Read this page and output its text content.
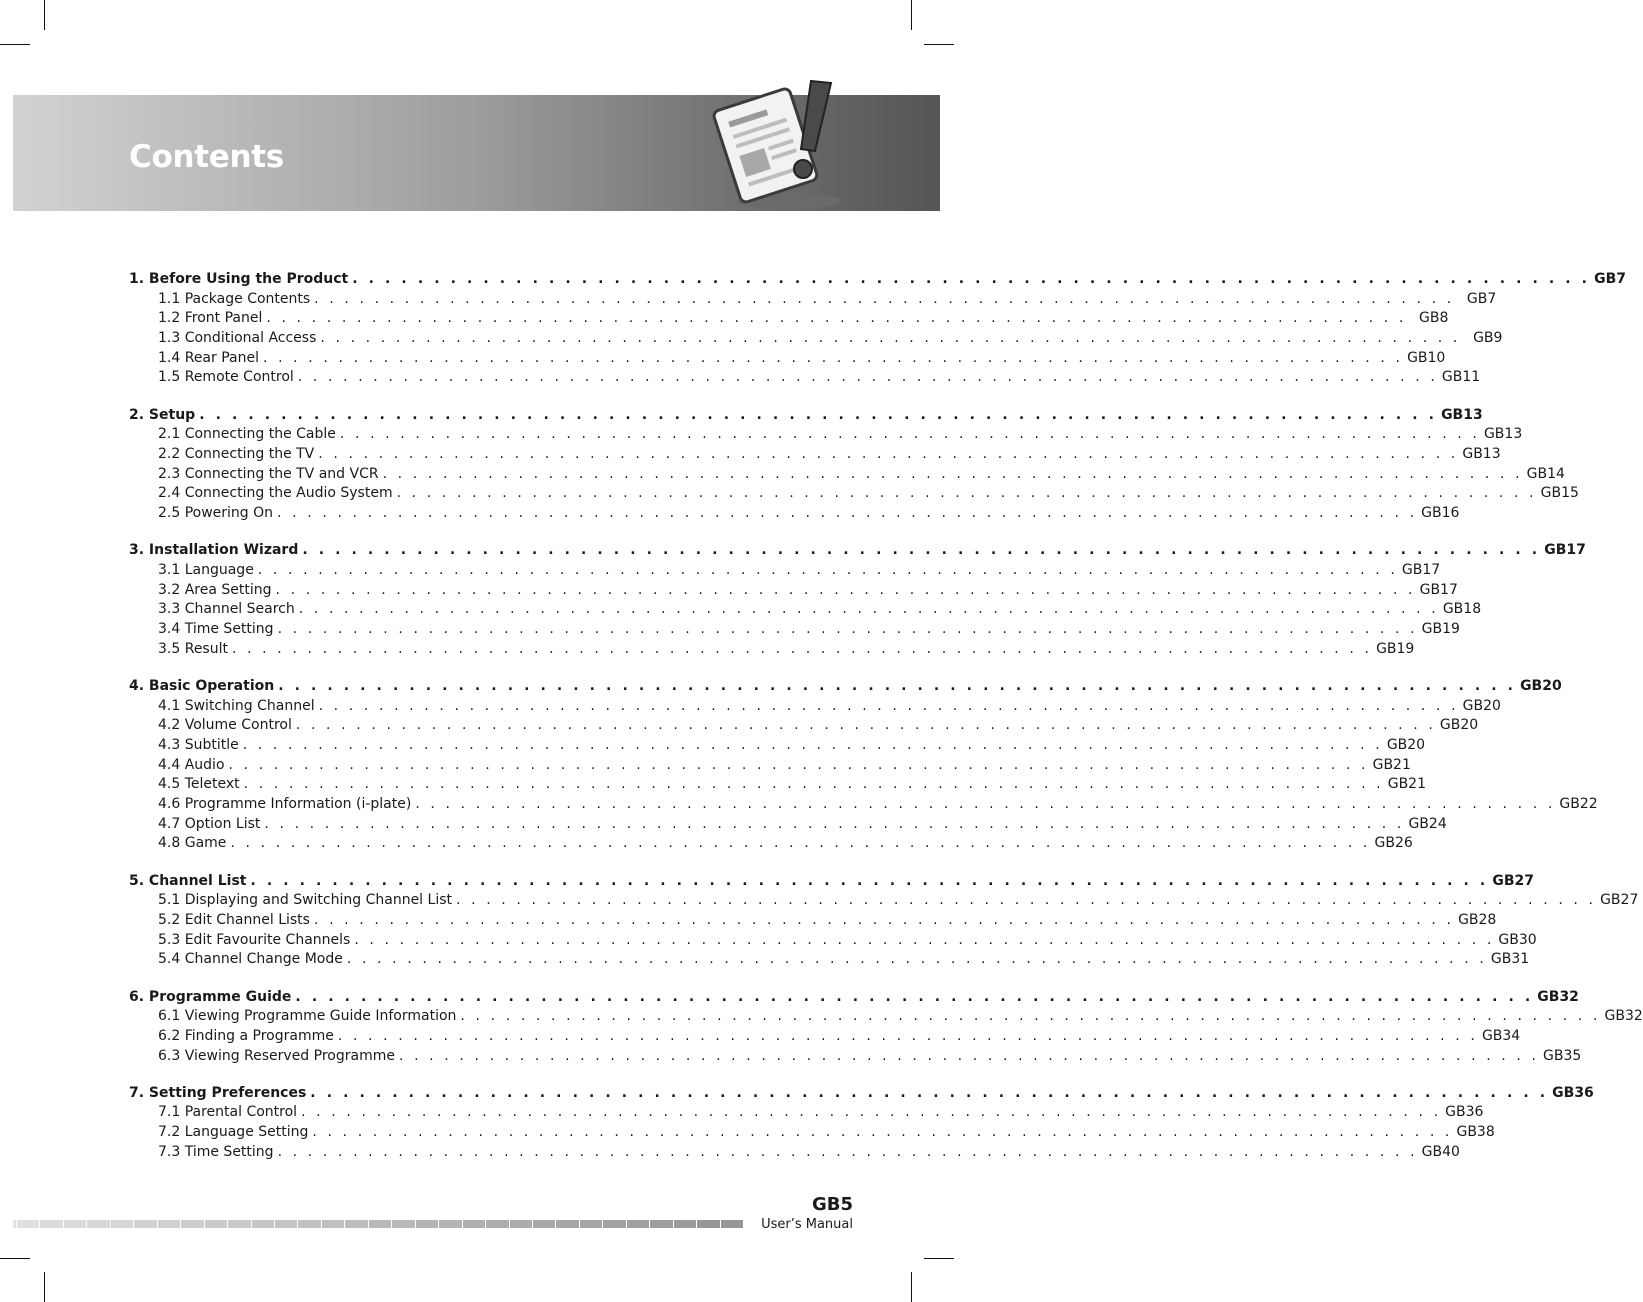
Contents
1. Before Using the Product . . . . . . . . . . . . . . . . . . . . . . . . . . . . . . . . . . . . . . . . . . . . . . . . . . . . . . . . . . . . . . . . . . . . . . . . . . . . GB7
1.1 Package Contents . . . . . . . . . . . . . . . . . . . . . . . . . . . . . . . . . . . . . . . . . . . . . . . . . . . . . . . . . . . . . . . . . . . . . . . . . . . . GB7
1.2 Front Panel . . . . . . . . . . . . . . . . . . . . . . . . . . . . . . . . . . . . . . . . . . . . . . . . . . . . . . . . . . . . . . . . . . . . . . . . . . . . GB8
1.3 Conditional Access . . . . . . . . . . . . . . . . . . . . . . . . . . . . . . . . . . . . . . . . . . . . . . . . . . . . . . . . . . . . . . . . . . . . . . . . . . . . GB9
1.4 Rear Panel . . . . . . . . . . . . . . . . . . . . . . . . . . . . . . . . . . . . . . . . . . . . . . . . . . . . . . . . . . . . . . . . . . . . . . . . . . . . GB10
1.5 Remote Control . . . . . . . . . . . . . . . . . . . . . . . . . . . . . . . . . . . . . . . . . . . . . . . . . . . . . . . . . . . . . . . . . . . . . . . . . . . . GB11
2. Setup . . . . . . . . . . . . . . . . . . . . . . . . . . . . . . . . . . . . . . . . . . . . . . . . . . . . . . . . . . . . . . . . . . . . . . . . . . . . GB13
2.1 Connecting the Cable . . . . . . . . . . . . . . . . . . . . . . . . . . . . . . . . . . . . . . . . . . . . . . . . . . . . . . . . . . . . . . . . . . . . . . . . . . . . GB13
2.2 Connecting the TV . . . . . . . . . . . . . . . . . . . . . . . . . . . . . . . . . . . . . . . . . . . . . . . . . . . . . . . . . . . . . . . . . . . . . . . . . . . . GB13
2.3 Connecting the TV and VCR . . . . . . . . . . . . . . . . . . . . . . . . . . . . . . . . . . . . . . . . . . . . . . . . . . . . . . . . . . . . . . . . . . . . . . . . . . . . GB14
2.4 Connecting the Audio System . . . . . . . . . . . . . . . . . . . . . . . . . . . . . . . . . . . . . . . . . . . . . . . . . . . . . . . . . . . . . . . . . . . . . . . . . . . . GB15
2.5 Powering On . . . . . . . . . . . . . . . . . . . . . . . . . . . . . . . . . . . . . . . . . . . . . . . . . . . . . . . . . . . . . . . . . . . . . . . . . . . . GB16
3. Installation Wizard . . . . . . . . . . . . . . . . . . . . . . . . . . . . . . . . . . . . . . . . . . . . . . . . . . . . . . . . . . . . . . . . . . . . . . . . . . . . GB17
3.1 Language . . . . . . . . . . . . . . . . . . . . . . . . . . . . . . . . . . . . . . . . . . . . . . . . . . . . . . . . . . . . . . . . . . . . . . . . . . . . GB17
3.2 Area Setting . . . . . . . . . . . . . . . . . . . . . . . . . . . . . . . . . . . . . . . . . . . . . . . . . . . . . . . . . . . . . . . . . . . . . . . . . . . . GB17
3.3 Channel Search . . . . . . . . . . . . . . . . . . . . . . . . . . . . . . . . . . . . . . . . . . . . . . . . . . . . . . . . . . . . . . . . . . . . . . . . . . . . GB18
3.4 Time Setting . . . . . . . . . . . . . . . . . . . . . . . . . . . . . . . . . . . . . . . . . . . . . . . . . . . . . . . . . . . . . . . . . . . . . . . . . . . . GB19
3.5 Result . . . . . . . . . . . . . . . . . . . . . . . . . . . . . . . . . . . . . . . . . . . . . . . . . . . . . . . . . . . . . . . . . . . . . . . . . . . . GB19
4. Basic Operation . . . . . . . . . . . . . . . . . . . . . . . . . . . . . . . . . . . . . . . . . . . . . . . . . . . . . . . . . . . . . . . . . . . . . . . . . . . . GB20
4.1 Switching Channel . . . . . . . . . . . . . . . . . . . . . . . . . . . . . . . . . . . . . . . . . . . . . . . . . . . . . . . . . . . . . . . . . . . . . . . . . . . . GB20
4.2 Volume Control . . . . . . . . . . . . . . . . . . . . . . . . . . . . . . . . . . . . . . . . . . . . . . . . . . . . . . . . . . . . . . . . . . . . . . . . . . . . GB20
4.3 Subtitle . . . . . . . . . . . . . . . . . . . . . . . . . . . . . . . . . . . . . . . . . . . . . . . . . . . . . . . . . . . . . . . . . . . . . . . . . . . . GB20
4.4 Audio . . . . . . . . . . . . . . . . . . . . . . . . . . . . . . . . . . . . . . . . . . . . . . . . . . . . . . . . . . . . . . . . . . . . . . . . . . . . GB21
4.5 Teletext . . . . . . . . . . . . . . . . . . . . . . . . . . . . . . . . . . . . . . . . . . . . . . . . . . . . . . . . . . . . . . . . . . . . . . . . . . . . GB21
4.6 Programme Information (i-plate) . . . . . . . . . . . . . . . . . . . . . . . . . . . . . . . . . . . . . . . . . . . . . . . . . . . . . . . . . . . . . . . . . . . . . . . . . . . . GB22
4.7 Option List . . . . . . . . . . . . . . . . . . . . . . . . . . . . . . . . . . . . . . . . . . . . . . . . . . . . . . . . . . . . . . . . . . . . . . . . . . . . GB24
4.8 Game . . . . . . . . . . . . . . . . . . . . . . . . . . . . . . . . . . . . . . . . . . . . . . . . . . . . . . . . . . . . . . . . . . . . . . . . . . . . GB26
5. Channel List . . . . . . . . . . . . . . . . . . . . . . . . . . . . . . . . . . . . . . . . . . . . . . . . . . . . . . . . . . . . . . . . . . . . . . . . . . . . GB27
5.1 Displaying and Switching Channel List . . . . . . . . . . . . . . . . . . . . . . . . . . . . . . . . . . . . . . . . . . . . . . . . . . . . . . . . . . . . . . . . . . . . . . . . . . . . GB27
5.2 Edit Channel Lists . . . . . . . . . . . . . . . . . . . . . . . . . . . . . . . . . . . . . . . . . . . . . . . . . . . . . . . . . . . . . . . . . . . . . . . . . . . . GB28
5.3 Edit Favourite Channels . . . . . . . . . . . . . . . . . . . . . . . . . . . . . . . . . . . . . . . . . . . . . . . . . . . . . . . . . . . . . . . . . . . . . . . . . . . . GB30
5.4 Channel Change Mode . . . . . . . . . . . . . . . . . . . . . . . . . . . . . . . . . . . . . . . . . . . . . . . . . . . . . . . . . . . . . . . . . . . . . . . . . . . . GB31
6. Programme Guide . . . . . . . . . . . . . . . . . . . . . . . . . . . . . . . . . . . . . . . . . . . . . . . . . . . . . . . . . . . . . . . . . . . . . . . . . . . . GB32
6.1 Viewing Programme Guide Information . . . . . . . . . . . . . . . . . . . . . . . . . . . . . . . . . . . . . . . . . . . . . . . . . . . . . . . . . . . . . . . . . . . . . . . . . . . . GB32
6.2 Finding a Programme . . . . . . . . . . . . . . . . . . . . . . . . . . . . . . . . . . . . . . . . . . . . . . . . . . . . . . . . . . . . . . . . . . . . . . . . . . . . GB34
6.3 Viewing Reserved Programme . . . . . . . . . . . . . . . . . . . . . . . . . . . . . . . . . . . . . . . . . . . . . . . . . . . . . . . . . . . . . . . . . . . . . . . . . . . . GB35
7. Setting Preferences . . . . . . . . . . . . . . . . . . . . . . . . . . . . . . . . . . . . . . . . . . . . . . . . . . . . . . . . . . . . . . . . . . . . . . . . . . . . GB36
7.1 Parental Control . . . . . . . . . . . . . . . . . . . . . . . . . . . . . . . . . . . . . . . . . . . . . . . . . . . . . . . . . . . . . . . . . . . . . . . . . . . . GB36
7.2 Language Setting . . . . . . . . . . . . . . . . . . . . . . . . . . . . . . . . . . . . . . . . . . . . . . . . . . . . . . . . . . . . . . . . . . . . . . . . . . . . GB38
7.3 Time Setting . . . . . . . . . . . . . . . . . . . . . . . . . . . . . . . . . . . . . . . . . . . . . . . . . . . . . . . . . . . . . . . . . . . . . . . . . . . . GB40
GB5
User’s Manual
